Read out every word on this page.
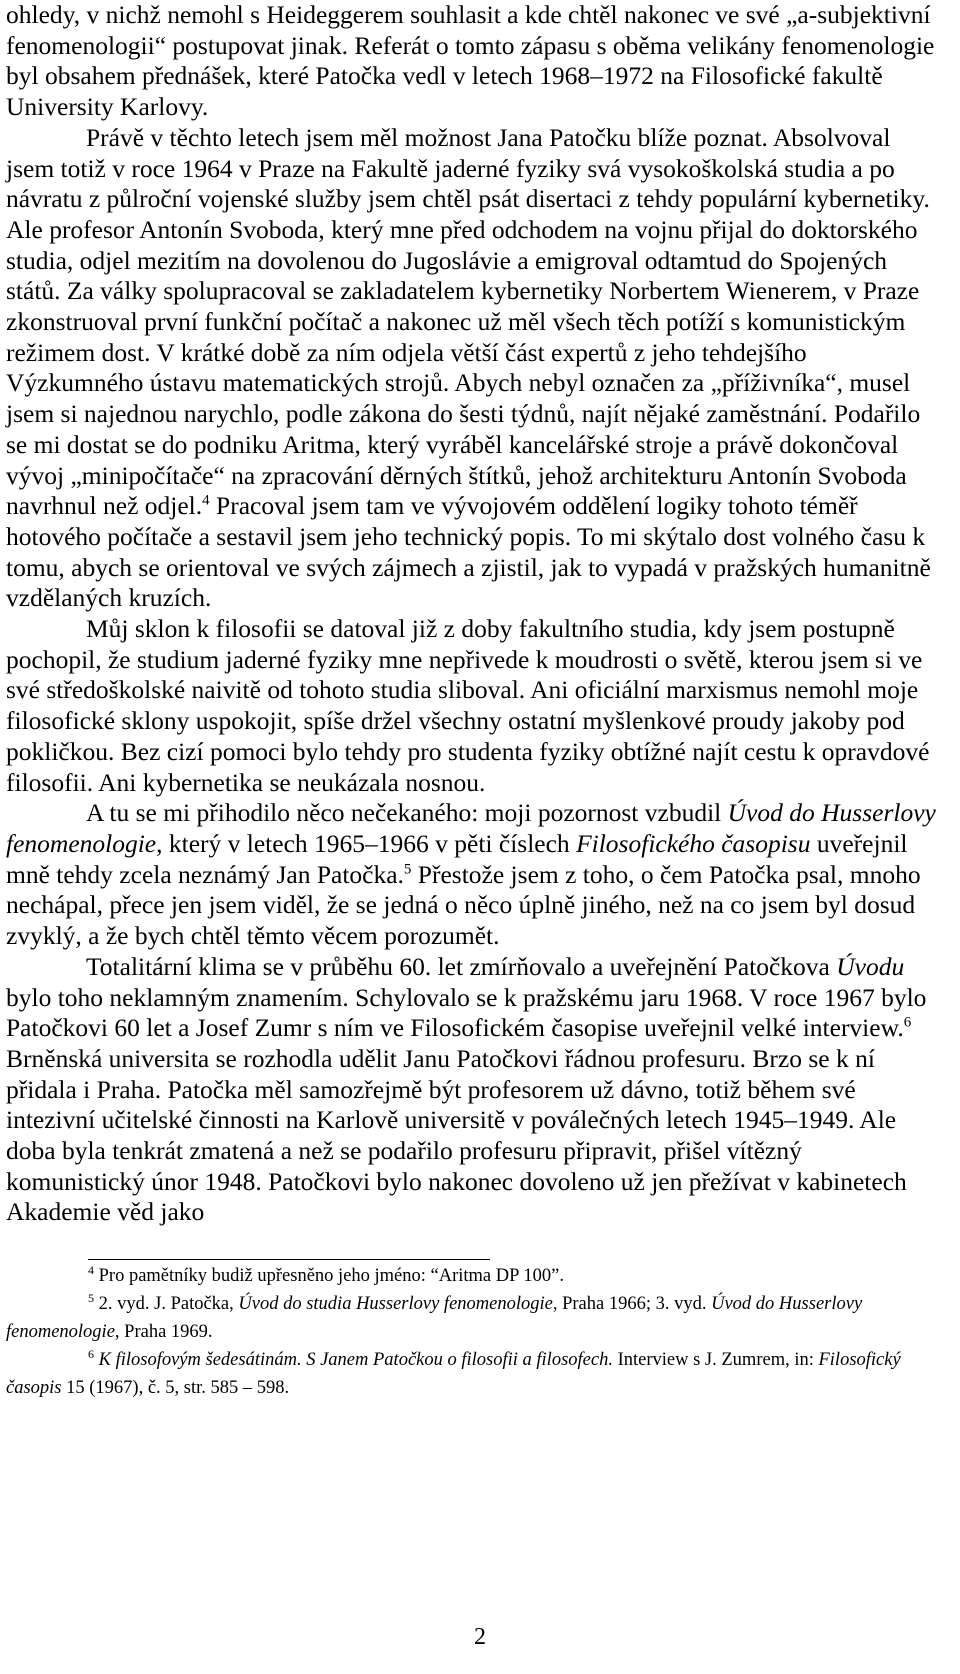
ohledy, v nichž nemohl s Heideggerem souhlasit a kde chtěl nakonec ve své „a-subjektivní fenomenologii“ postupovat jinak. Referát o tomto zápasu s oběma velikány fenomenologie byl obsahem přednášek, které Patočka vedl v letech 1968–1972 na Filosofické fakultě University Karlovy.

Právě v těchto letech jsem měl možnost Jana Patočku blíže poznat. Absolvoval jsem totiž v roce 1964 v Praze na Fakultě jaderné fyziky svá vysokoškolská studia a po návratu z půlroční vojenské služby jsem chtěl psát disertaci z tehdy populární kybernetiky. Ale profesor Antonín Svoboda, který mne před odchodem na vojnu přijal do doktorského studia, odjel mezitím na dovolenou do Jugoslávie a emigroval odtamtud do Spojených států. Za války spolupracoval se zakladatelem kybernetiky Norbertem Wienerem, v Praze zkonstruoval první funkční počítač a nakonec už měl všech těch potíží s komunistickým režimem dost. V krátké době za ním odjela větší část expertů z jeho tehdejšího Výzkumného ústavu matematických strojů. Abych nebyl označen za „příživníka“, musel jsem si najednou narychlo, podle zákona do šesti týdnů, najít nějaké zaměstnání. Podařilo se mi dostat se do podniku Aritma, který vyráběl kancelářské stroje a právě dokončoval vývoj „minipočítače“ na zpracování děrných štítků, jehož architekturu Antonín Svoboda navrhnul než odjel.$^4$ Pracoval jsem tam ve vývojovém oddělení logiky tohoto téměř hotového počítače a sestavil jsem jeho technický popis. To mi skýtalo dost volného času k tomu, abych se orientoval ve svých zájmech a zjistil, jak to vypadá v pražských humanitně vzdělaných kruzích.

Můj sklon k filosofii se datoval již z doby fakultního studia, kdy jsem postupně pochopil, že studium jaderné fyziky mne nepřivede k moudrosti o světě, kterou jsem si ve své středoškolské naivitě od tohoto studia sliboval. Ani oficiální marxismus nemohl moje filosofické sklony uspokojit, spíše držel všechny ostatní myšlenkové proudy jakoby pod pokličkou. Bez cizí pomoci bylo tehdy pro studenta fyziky obtížné najít cestu k opravdové filosofii. Ani kybernetika se neukázala nosnou.

A tu se mi přihodilo něco nečekaného: moji pozornost vzbudil Úvod do Husserlovy fenomenologie, který v letech 1965–1966 v pěti číslech Filosofického časopisu uveřejnil mně tehdy zcela neznámý Jan Patočka.$^5$ Přestože jsem z toho, o čem Patočka psal, mnoho nechápal, přece jen jsem viděl, že se jedná o něco úplně jiného, než na co jsem byl dosud zvyklý, a že bych chtěl těmto věcem porozumět.

Totalitární klima se v průběhu 60. let zmírňovalo a uveřejnění Patočkova Úvodu bylo toho neklamným znamením. Schylovalo se k pražskému jaru 1968. V roce 1967 bylo Patočkovi 60 let a Josef Zumr s ním ve Filosofickém časopise uveřejnil velké interview.$^6$ Brněnská universita se rozhodla udělit Janu Patočkovi řádnou profesuru. Brzo se k ní přidala i Praha. Patočka měl samozřejmě být profesorem už dávno, totiž během své intezivní učitelské činnosti na Karlově universitě v poválečných letech 1945–1949. Ale doba byla tenkrát zmatená a než se podařilo profesuru připravit, přišel vítězný komunistický únor 1948. Patočkovi bylo nakonec dovoleno už jen přežívat v kabinetech Akademie věd jako

$^4$ Pro pamětníky budiž upřesněno jeho jméno: “Aritma DP 100”.

$^5$ 2. vyd. J. Patočka, Úvod do studia Husserlovy fenomenologie, Praha 1966; 3. vyd. Úvod do Husserlovy fenomenologie, Praha 1969.

$^6$ K filosofovým šedesátinám. S Janem Patočkou o filosofii a filosofech. Interview s J. Zumrem, in: Filosofický časopis 15 (1967), č. 5, str. 585 – 598.

2
